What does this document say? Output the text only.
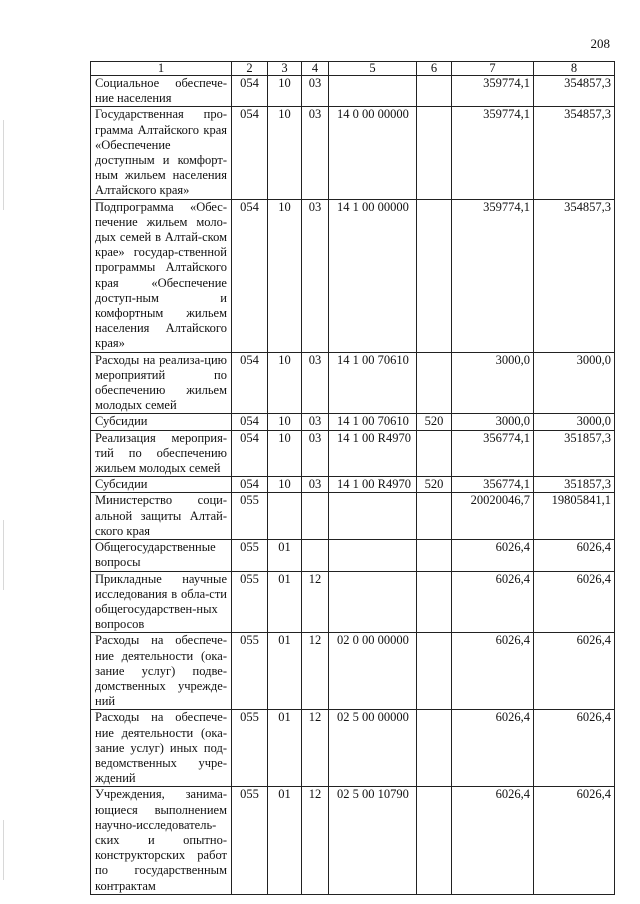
208
1	2	3	4	5	6	7	8
Социальное обеспече-ние населения	054	10	03			359774,1	354857,3
Государственная про-грамма Алтайского края «Обеспечение доступным и комфорт-ным жильем населения Алтайского края»	054	10	03	14 0 00 00000		359774,1	354857,3
Подпрограмма «Обес-печение жильем моло-дых семей в Алтай-ском крае» государ-ственной программы Алтайского края «Обеспечение доступ-ным и комфортным жильем населения Алтайского края»	054	10	03	14 1 00 00000		359774,1	354857,3
Расходы на реализа-цию мероприятий по обеспечению жильем молодых семей	054	10	03	14 1 00 70610		3000,0	3000,0
Субсидии	054	10	03	14 1 00 70610	520	3000,0	3000,0
Реализация мероприя-тий по обеспечению жильем молодых семей	054	10	03	14 1 00 R4970		356774,1	351857,3
Субсидии	054	10	03	14 1 00 R4970	520	356774,1	351857,3
Министерство соци-альной защиты Алтай-ского края	055					20020046,7	19805841,1
Общегосударственные вопросы	055	01				6026,4	6026,4
Прикладные научные исследования в обла-сти общегосударствен-ных вопросов	055	01	12			6026,4	6026,4
Расходы на обеспече-ние деятельности (ока-зание услуг) подве-домственных учрежде-ний	055	01	12	02 0 00 00000		6026,4	6026,4
Расходы на обеспече-ние деятельности (ока-зание услуг) иных под-ведомственных учре-ждений	055	01	12	02 5 00 00000		6026,4	6026,4
Учреждения, занима-ющиеся выполнением научно-исследователь-ских и опытно-конструкторских работ по государственным контрактам	055	01	12	02 5 00 10790		6026,4	6026,4
